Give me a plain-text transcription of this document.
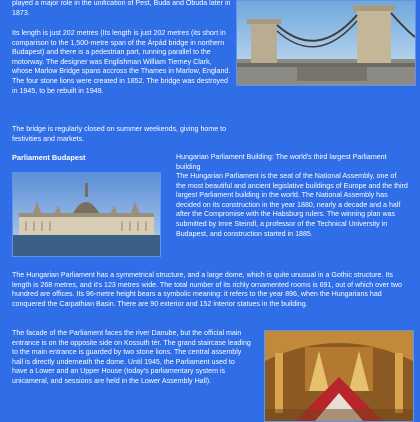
played a major role in the unification of Pest, Buda and Óbuda later in 1873.

Its length is just 202 metres (Its length is just 202 metres (its short in comparison to the 1,500-metre span of the Árpád bridge in northern Budapest) and there is a pedestrian part, running parallel to the motorway. The designer was Englishman William Tierney Clark, whose Marlow Bridge spans accross the Thames in Marlow, England. The four stone lions were created in 1852. The bridge was destroyed in 1945, to be rebuilt in 1949.

The bridge is regularly closed on summer weekends, giving home to festivities and markets.

Parliament Budapest	Hungarian Parliament Building: The world's third largest Parliament building

The Hungarian Parliament is the seat of the National Assembly, one of the most beautiful and ancient legislative buildings of Europe and the third largest Parliament building in the world. The National Assembly has decided on its construction in the year 1880, nearly a decade and a half after the Compromise with the Habsburg rulers. The winning plan was submitted by Imre Steindl, a professor of the Technical University in Budapest, and construction started in 1885.

The Hungarian Parliament has a symmetrical structure, and a large dome, which is quite unusual in a Gothic structure. Its length is 268 metres, and it's 123 metres wide. The total number of its richly ornamented rooms is 691, out of which over two hundred are offices. Its 96-metre height bears a symbolic meaning: it refers to the year 896, when the Hungarians had conquered the Carpathian Basin. There are 90 exterior and 152 interior statues in the building.

The facade of the Parliament faces the river Danube, but the official main entrance is on the opposite side on Kossuth tér. The grand staircase leading to the main entrance is guarded by two stone lions. The central assembly hall is directly underneath the dome. Until 1945, the Parliament used to have a Lower and an Upper House (today's parliamentary system is unicameral, and sessions are held in the Lower Assembly Hall).
